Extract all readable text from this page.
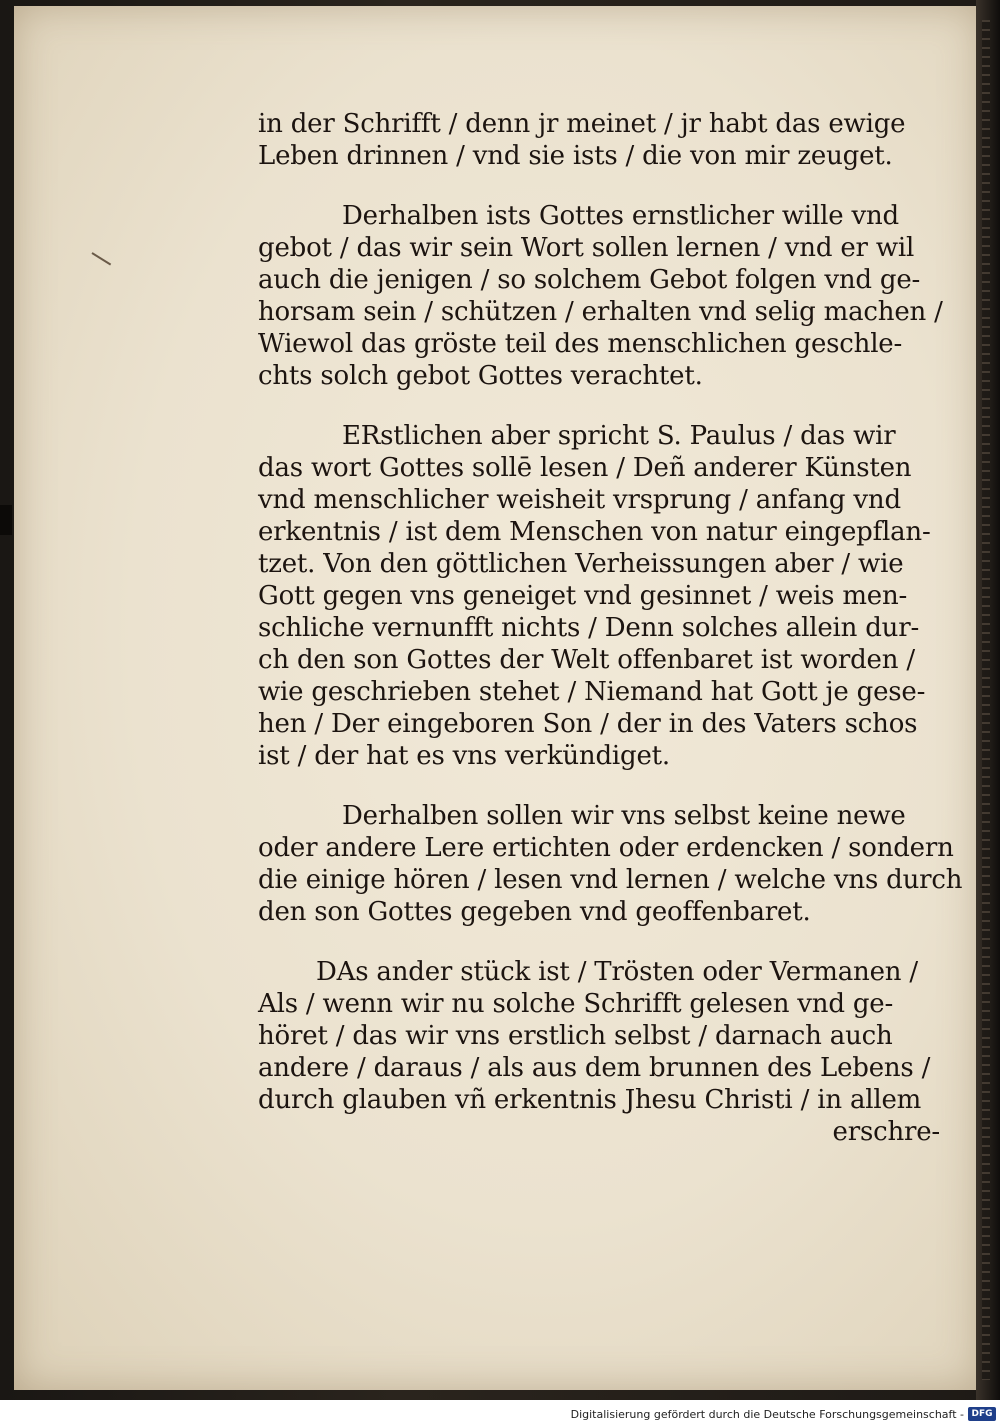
in der Schrifft / denn jr meinet / jr habt das ewige
Leben drinnen / vnd sie ists / die von mir zeuget.
Derhalben ists Gottes ernstlicher wille vnd
gebot / das wir sein Wort sollen lernen / vnd er wil
auch die jenigen / so solchem Gebot folgen vnd ge-
horsam sein / schützen / erhalten vnd selig machen /
Wiewol das gröste teil des menschlichen geschle-
chts solch gebot Gottes verachtet.
ERstlichen aber spricht S. Paulus / das wir
das wort Gottes sollē lesen / Deñ anderer Künsten
vnd menschlicher weisheit vrsprung / anfang vnd
erkentnis / ist dem Menschen von natur eingepflan-
tzet. Von den göttlichen Verheissungen aber / wie
Gott gegen vns geneiget vnd gesinnet / weis men-
schliche vernunfft nichts / Denn solches allein dur-
ch den son Gottes der Welt offenbaret ist worden /
wie geschrieben stehet / Niemand hat Gott je gese-
hen / Der eingeboren Son / der in des Vaters schos
ist / der hat es vns verkündiget.
Derhalben sollen wir vns selbst keine newe
oder andere Lere ertichten oder erdencken / sondern
die einige hören / lesen vnd lernen / welche vns durch
den son Gottes gegeben vnd geoffenbaret.
DAs ander stück ist / Trösten oder Vermanen /
Als / wenn wir nu solche Schrifft gelesen vnd ge-
höret / das wir vns erstlich selbst / darnach auch
andere / daraus / als aus dem brunnen des Lebens /
durch glauben vñ erkentnis Jhesu Christi / in allem
erschre-
Digitalisierung gefördert durch die Deutsche Forschungsgemeinschaft - DFG
